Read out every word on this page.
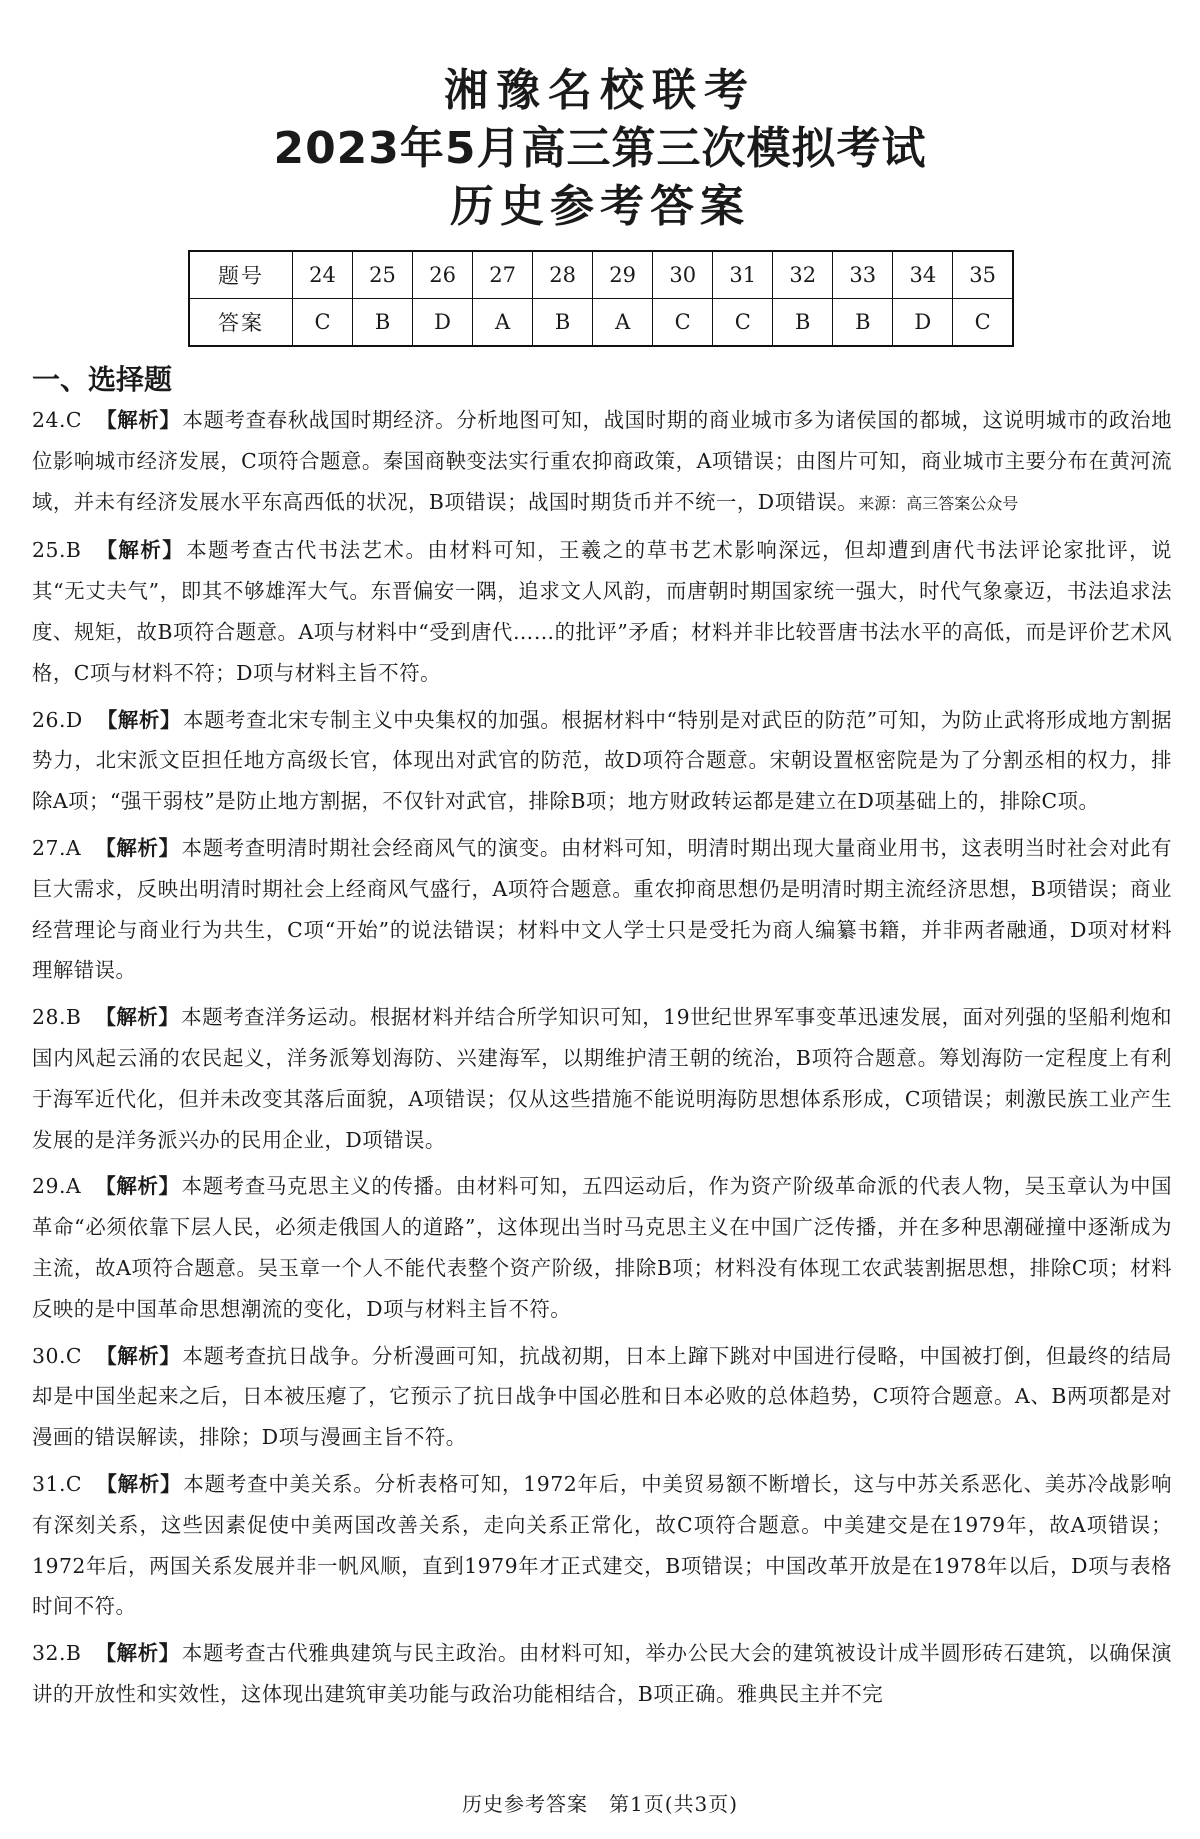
湘豫名校联考
2023年5月高三第三次模拟考试
历史参考答案
题号	24	25	26	27	28	29	30	31	32	33	34	35
答案	C	B	D	A	B	A	C	C	B	B	D	C
一、选择题
24.C 【解析】本题考查春秋战国时期经济。分析地图可知，战国时期的商业城市多为诸侯国的都城，这说明城市的政治地位影响城市经济发展，C项符合题意。秦国商鞅变法实行重农抑商政策，A项错误；由图片可知，商业城市主要分布在黄河流域，并未有经济发展水平东高西低的状况，B项错误；战国时期货币并不统一，D项错误。来源：高三答案公众号
25.B 【解析】本题考查古代书法艺术。由材料可知，王羲之的草书艺术影响深远，但却遭到唐代书法评论家批评，说其“无丈夫气”，即其不够雄浑大气。东晋偏安一隅，追求文人风韵，而唐朝时期国家统一强大，时代气象豪迈，书法追求法度、规矩，故B项符合题意。A项与材料中“受到唐代……的批评”矛盾；材料并非比较晋唐书法水平的高低，而是评价艺术风格，C项与材料不符；D项与材料主旨不符。
26.D 【解析】本题考查北宋专制主义中央集权的加强。根据材料中“特别是对武臣的防范”可知，为防止武将形成地方割据势力，北宋派文臣担任地方高级长官，体现出对武官的防范，故D项符合题意。宋朝设置枢密院是为了分割丞相的权力，排除A项；“强干弱枝”是防止地方割据，不仅针对武官，排除B项；地方财政转运都是建立在D项基础上的，排除C项。
27.A 【解析】本题考查明清时期社会经商风气的演变。由材料可知，明清时期出现大量商业用书，这表明当时社会对此有巨大需求，反映出明清时期社会上经商风气盛行，A项符合题意。重农抑商思想仍是明清时期主流经济思想，B项错误；商业经营理论与商业行为共生，C项“开始”的说法错误；材料中文人学士只是受托为商人编纂书籍，并非两者融通，D项对材料理解错误。
28.B 【解析】本题考查洋务运动。根据材料并结合所学知识可知，19世纪世界军事变革迅速发展，面对列强的坚船利炮和国内风起云涌的农民起义，洋务派筹划海防、兴建海军，以期维护清王朝的统治，B项符合题意。筹划海防一定程度上有利于海军近代化，但并未改变其落后面貌，A项错误；仅从这些措施不能说明海防思想体系形成，C项错误；刺激民族工业产生发展的是洋务派兴办的民用企业，D项错误。
29.A 【解析】本题考查马克思主义的传播。由材料可知，五四运动后，作为资产阶级革命派的代表人物，吴玉章认为中国革命“必须依靠下层人民，必须走俄国人的道路”，这体现出当时马克思主义在中国广泛传播，并在多种思潮碰撞中逐渐成为主流，故A项符合题意。吴玉章一个人不能代表整个资产阶级，排除B项；材料没有体现工农武装割据思想，排除C项；材料反映的是中国革命思想潮流的变化，D项与材料主旨不符。
30.C 【解析】本题考查抗日战争。分析漫画可知，抗战初期，日本上蹿下跳对中国进行侵略，中国被打倒，但最终的结局却是中国坐起来之后，日本被压瘪了，它预示了抗日战争中国必胜和日本必败的总体趋势，C项符合题意。A、B两项都是对漫画的错误解读，排除；D项与漫画主旨不符。
31.C 【解析】本题考查中美关系。分析表格可知，1972年后，中美贸易额不断增长，这与中苏关系恶化、美苏冷战影响有深刻关系，这些因素促使中美两国改善关系，走向关系正常化，故C项符合题意。中美建交是在1979年，故A项错误；1972年后，两国关系发展并非一帆风顺，直到1979年才正式建交，B项错误；中国改革开放是在1978年以后，D项与表格时间不符。
32.B 【解析】本题考查古代雅典建筑与民主政治。由材料可知，举办公民大会的建筑被设计成半圆形砖石建筑，以确保演讲的开放性和实效性，这体现出建筑审美功能与政治功能相结合，B项正确。雅典民主并不完
历史参考答案　第1页(共3页)
